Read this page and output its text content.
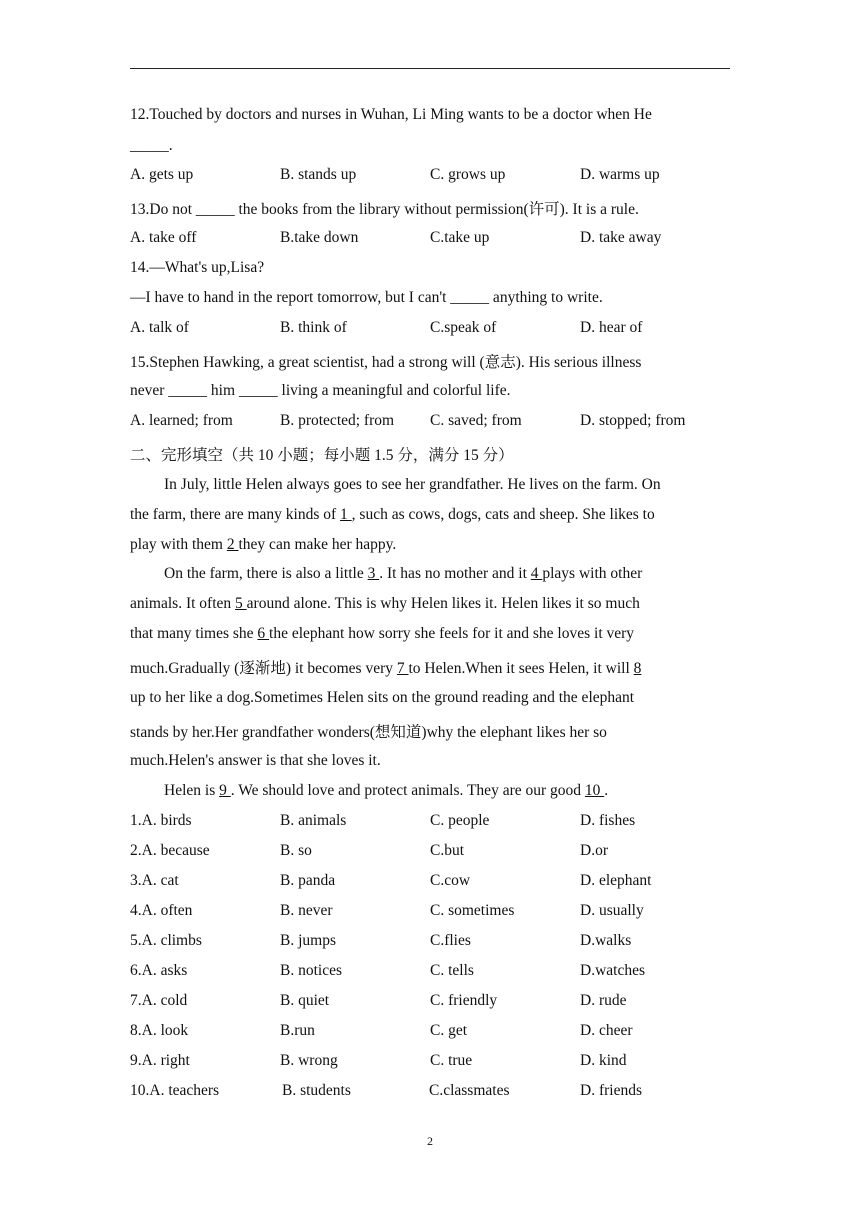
12.Touched by doctors and nurses in Wuhan, Li Ming wants to be a doctor when He
_____.
A. gets up	B. stands up	C. grows up	D. warms up
13.Do not _____ the books from the library without permission(许可). It is a rule.
A. take off	B.take down	C.take up	D. take away
14.—What's up,Lisa?
—I have to hand in the report tomorrow, but I can't _____ anything to write.
A. talk of	B. think of	C.speak of	D. hear of
15.Stephen Hawking, a great scientist, had a strong will (意志). His serious illness
never _____ him _____ living a meaningful and colorful life.
A. learned; from	B. protected; from C. saved; from	D. stopped; from
二、完形填空（共 10 小题；每小题 1.5 分，满分 15 分）
In July, little Helen always goes to see her grandfather. He lives on the farm. On
the farm, there are many kinds of 1 , such as cows, dogs, cats and sheep. She likes to
play with them 2 they can make her happy.
On the farm, there is also a little 3 . It has no mother and it 4 plays with other
animals. It often 5 around alone. This is why Helen likes it. Helen likes it so much
that many times she 6 the elephant how sorry she feels for it and she loves it very
much.Gradually (逐渐地) it becomes very 7 to Helen.When it sees Helen, it will 8
up to her like a dog.Sometimes Helen sits on the ground reading and the elephant
stands by her.Her grandfather wonders(想知道)why the elephant likes her so
much.Helen's answer is that she loves it.
Helen is 9 . We should love and protect animals. They are our good 10 .
1.A. birds	B. animals	C. people	D. fishes
2.A. because	B. so	C.but	D.or
3.A. cat	B. panda	C.cow	D. elephant
4.A. often	B. never	C. sometimes	D. usually
5.A. climbs	B. jumps	C.flies	D.walks
6.A. asks	B. notices	C. tells	D.watches
7.A. cold	B. quiet	C. friendly	D. rude
8.A. look	B.run	C. get	D. cheer
9.A. right	B. wrong	C. true	D. kind
10.A. teachers	B. students	C.classmates	D. friends
2
